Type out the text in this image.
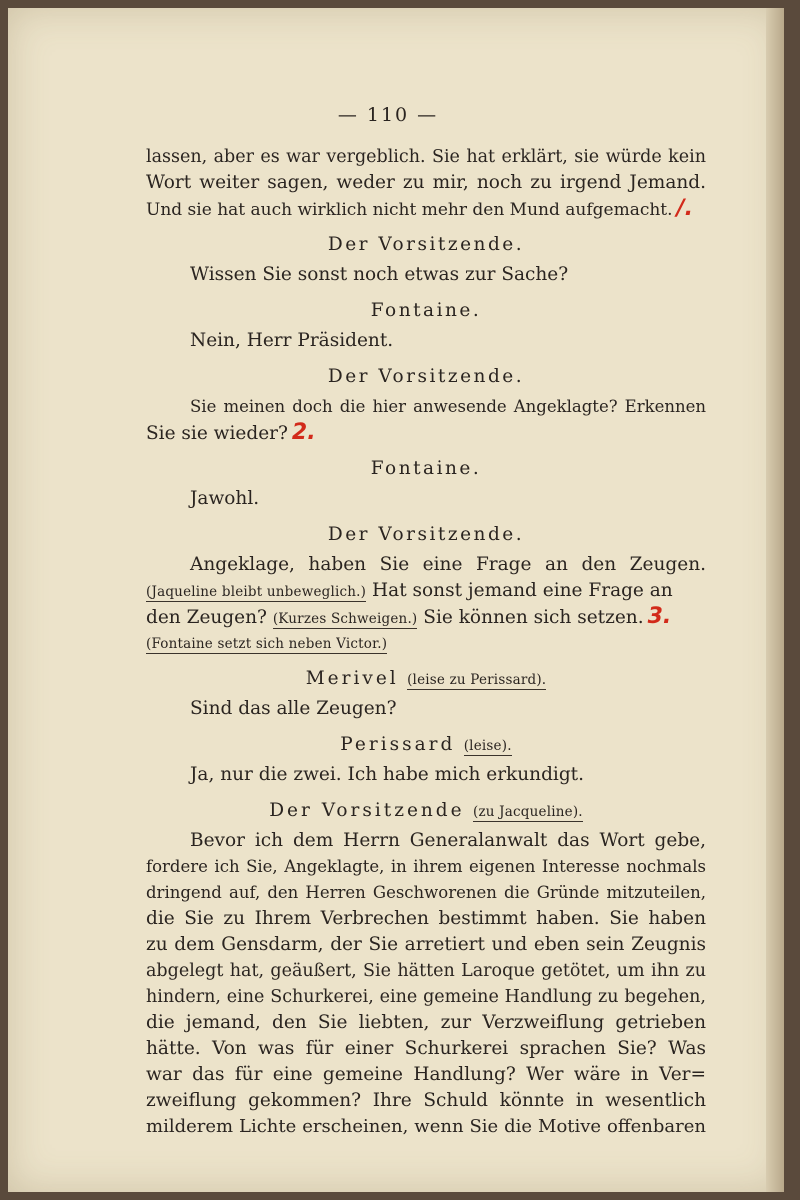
— 110 —
lassen, aber es war vergeblich. Sie hat erklärt, sie würde kein
Wort weiter sagen, weder zu mir, noch zu irgend Jemand.
Und sie hat auch wirklich nicht mehr den Mund aufgemacht. /.
Der Vorsitzende.
Wissen Sie sonst noch etwas zur Sache?
Fontaine.
Nein, Herr Präsident.
Der Vorsitzende.
Sie meinen doch die hier anwesende Angeklagte? Erkennen
Sie sie wieder? 2.
Fontaine.
Jawohl.
Der Vorsitzende.
Angeklage, haben Sie eine Frage an den Zeugen.
(Jaqueline bleibt unbeweglich.) Hat sonst jemand eine Frage an
den Zeugen? (Kurzes Schweigen.) Sie können sich setzen. 3.
(Fontaine setzt sich neben Victor.)
Merivel (leise zu Perissard).
Sind das alle Zeugen?
Perissard (leise).
Ja, nur die zwei. Ich habe mich erkundigt.
Der Vorsitzende (zu Jacqueline).
Bevor ich dem Herrn Generalanwalt das Wort gebe,
fordere ich Sie, Angeklagte, in ihrem eigenen Interesse nochmals
dringend auf, den Herren Geschworenen die Gründe mitzuteilen,
die Sie zu Ihrem Verbrechen bestimmt haben. Sie haben
zu dem Gensdarm, der Sie arretiert und eben sein Zeugnis
abgelegt hat, geäußert, Sie hätten Laroque getötet, um ihn zu
hindern, eine Schurkerei, eine gemeine Handlung zu begehen,
die jemand, den Sie liebten, zur Verzweiflung getrieben
hätte. Von was für einer Schurkerei sprachen Sie? Was
war das für eine gemeine Handlung? Wer wäre in Ver=
zweiflung gekommen? Ihre Schuld könnte in wesentlich
milderem Lichte erscheinen, wenn Sie die Motive offenbaren
